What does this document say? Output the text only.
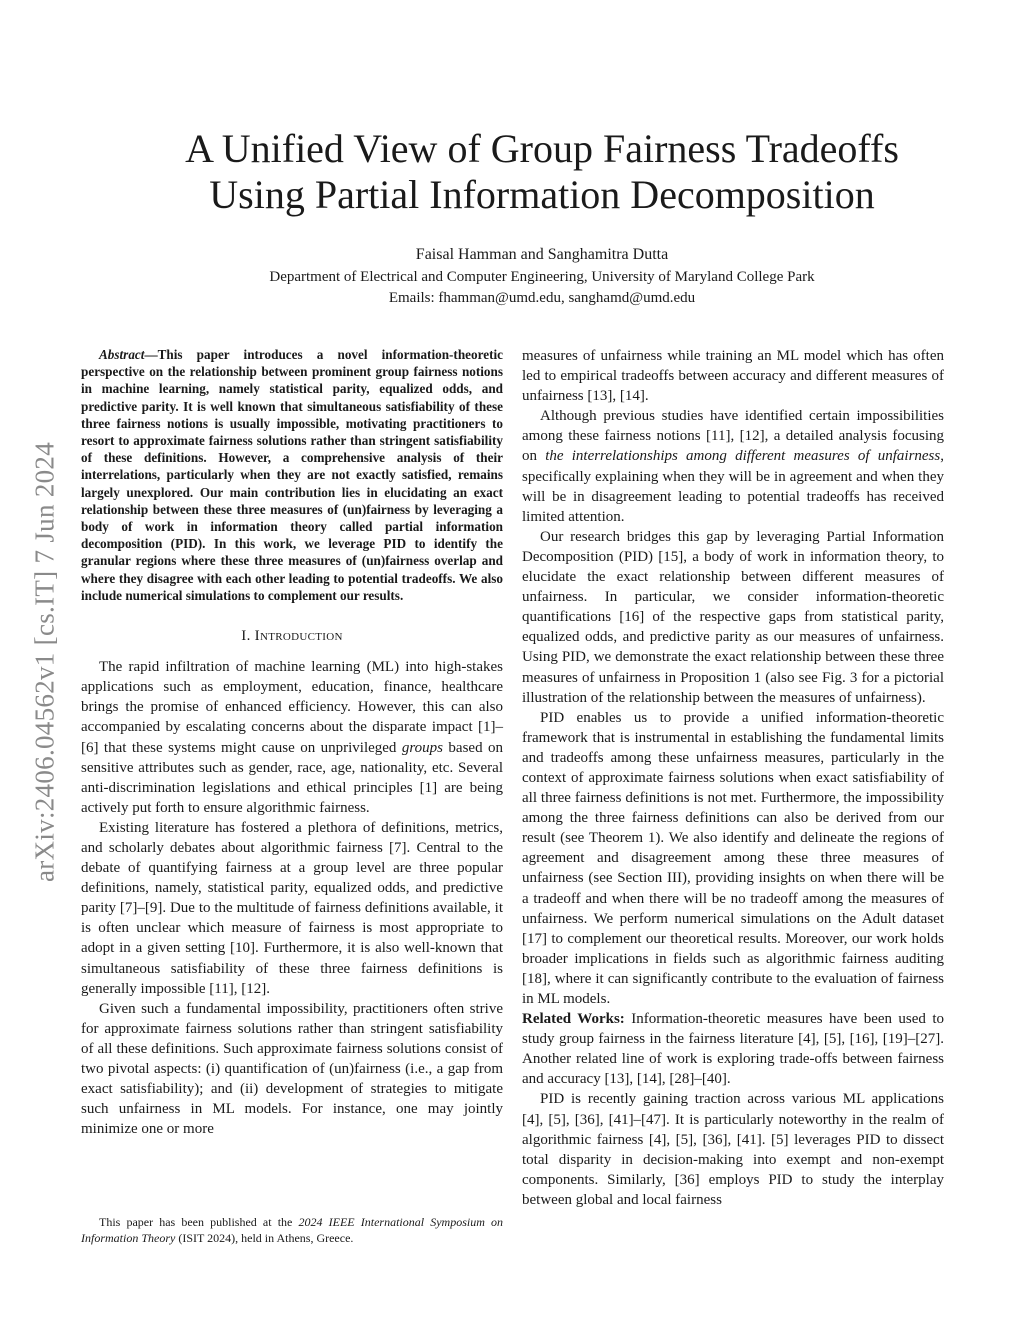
arXiv:2406.04562v1 [cs.IT] 7 Jun 2024
A Unified View of Group Fairness Tradeoffs
Using Partial Information Decomposition
Faisal Hamman and Sanghamitra Dutta
Department of Electrical and Computer Engineering, University of Maryland College Park
Emails: fhamman@umd.edu, sanghamd@umd.edu

Abstract—This paper introduces a novel information-theoretic perspective on the relationship between prominent group fairness notions in machine learning, namely statistical parity, equalized odds, and predictive parity. It is well known that simultaneous satisfiability of these three fairness notions is usually impossible, motivating practitioners to resort to approximate fairness solutions rather than stringent satisfiability of these definitions. However, a comprehensive analysis of their interrelations, particularly when they are not exactly satisfied, remains largely unexplored. Our main contribution lies in elucidating an exact relationship between these three measures of (un)fairness by leveraging a body of work in information theory called partial information decomposition (PID). In this work, we leverage PID to identify the granular regions where these three measures of (un)fairness overlap and where they disagree with each other leading to potential tradeoffs. We also include numerical simulations to complement our results.

I. Introduction

The rapid infiltration of machine learning (ML) into high-stakes applications such as employment, education, finance, healthcare brings the promise of enhanced efficiency. However, this can also accompanied by escalating concerns about the disparate impact [1]–[6] that these systems might cause on unprivileged groups based on sensitive attributes such as gender, race, age, nationality, etc. Several anti-discrimination legislations and ethical principles [1] are being actively put forth to ensure algorithmic fairness.

Existing literature has fostered a plethora of definitions, metrics, and scholarly debates about algorithmic fairness [7]. Central to the debate of quantifying fairness at a group level are three popular definitions, namely, statistical parity, equalized odds, and predictive parity [7]–[9]. Due to the multitude of fairness definitions available, it is often unclear which measure of fairness is most appropriate to adopt in a given setting [10]. Furthermore, it is also well-known that simultaneous satisfiability of these three fairness definitions is generally impossible [11], [12].

Given such a fundamental impossibility, practitioners often strive for approximate fairness solutions rather than stringent satisfiability of all these definitions. Such approximate fairness solutions consist of two pivotal aspects: (i) quantification of (un)fairness (i.e., a gap from exact satisfiability); and (ii) development of strategies to mitigate such unfairness in ML models. For instance, one may jointly minimize one or more

This paper has been published at the 2024 IEEE International Symposium on Information Theory (ISIT 2024), held in Athens, Greece.

measures of unfairness while training an ML model which has often led to empirical tradeoffs between accuracy and different measures of unfairness [13], [14].

Although previous studies have identified certain impossibilities among these fairness notions [11], [12], a detailed analysis focusing on the interrelationships among different measures of unfairness, specifically explaining when they will be in agreement and when they will be in disagreement leading to potential tradeoffs has received limited attention.

Our research bridges this gap by leveraging Partial Information Decomposition (PID) [15], a body of work in information theory, to elucidate the exact relationship between different measures of unfairness. In particular, we consider information-theoretic quantifications [16] of the respective gaps from statistical parity, equalized odds, and predictive parity as our measures of unfairness. Using PID, we demonstrate the exact relationship between these three measures of unfairness in Proposition 1 (also see Fig. 3 for a pictorial illustration of the relationship between the measures of unfairness).

PID enables us to provide a unified information-theoretic framework that is instrumental in establishing the fundamental limits and tradeoffs among these unfairness measures, particularly in the context of approximate fairness solutions when exact satisfiability of all three fairness definitions is not met. Furthermore, the impossibility among the three fairness definitions can also be derived from our result (see Theorem 1). We also identify and delineate the regions of agreement and disagreement among these three measures of unfairness (see Section III), providing insights on when there will be a tradeoff and when there will be no tradeoff among the measures of unfairness. We perform numerical simulations on the Adult dataset [17] to complement our theoretical results. Moreover, our work holds broader implications in fields such as algorithmic fairness auditing [18], where it can significantly contribute to the evaluation of fairness in ML models.

Related Works: Information-theoretic measures have been used to study group fairness in the fairness literature [4], [5], [16], [19]–[27]. Another related line of work is exploring trade-offs between fairness and accuracy [13], [14], [28]–[40].

PID is recently gaining traction across various ML applications [4], [5], [36], [41]–[47]. It is particularly noteworthy in the realm of algorithmic fairness [4], [5], [36], [41]. [5] leverages PID to dissect total disparity in decision-making into exempt and non-exempt components. Similarly, [36] employs PID to study the interplay between global and local fairness
